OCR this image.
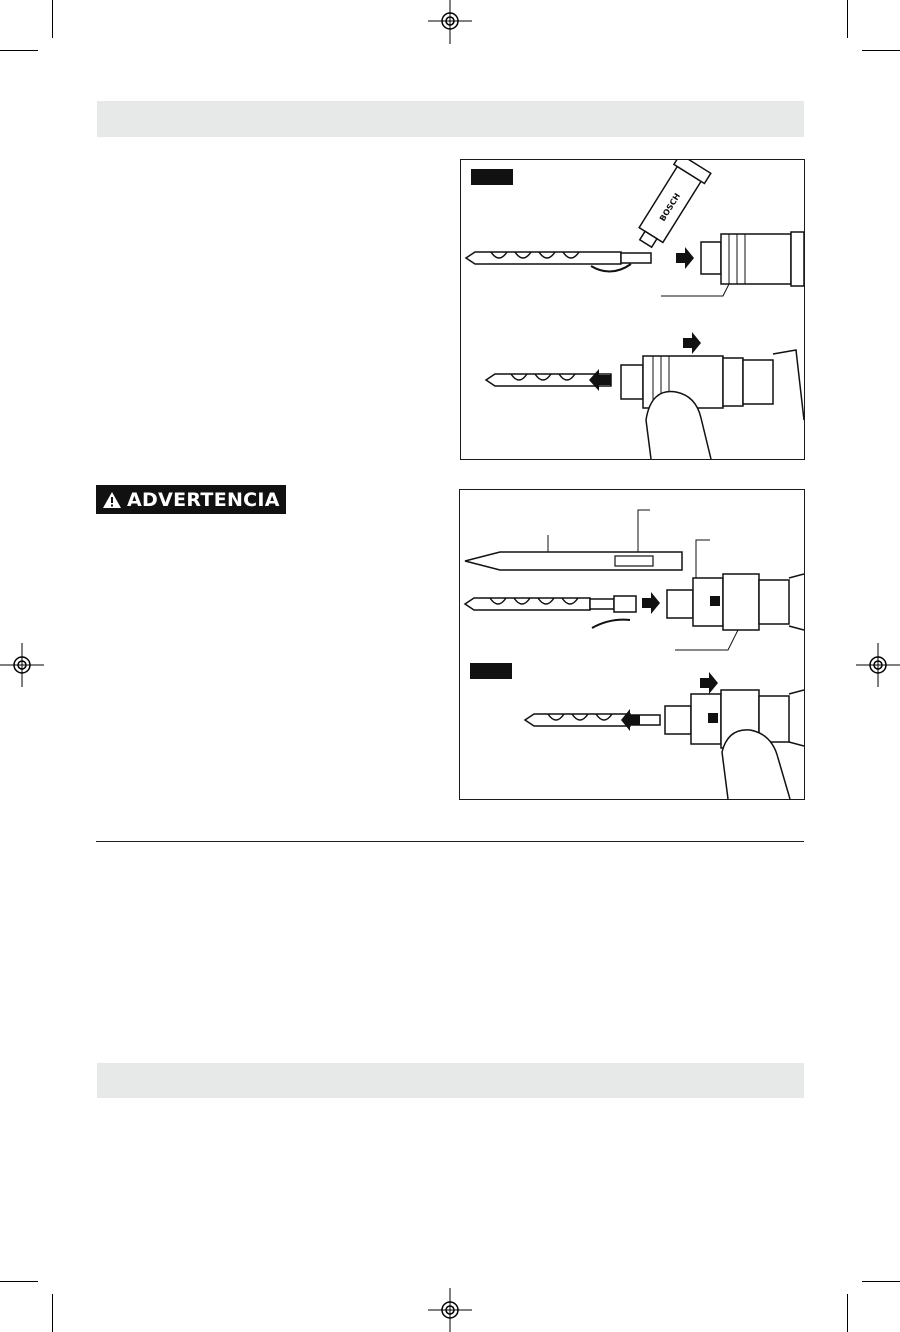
BOSCH
ADVERTENCIA
